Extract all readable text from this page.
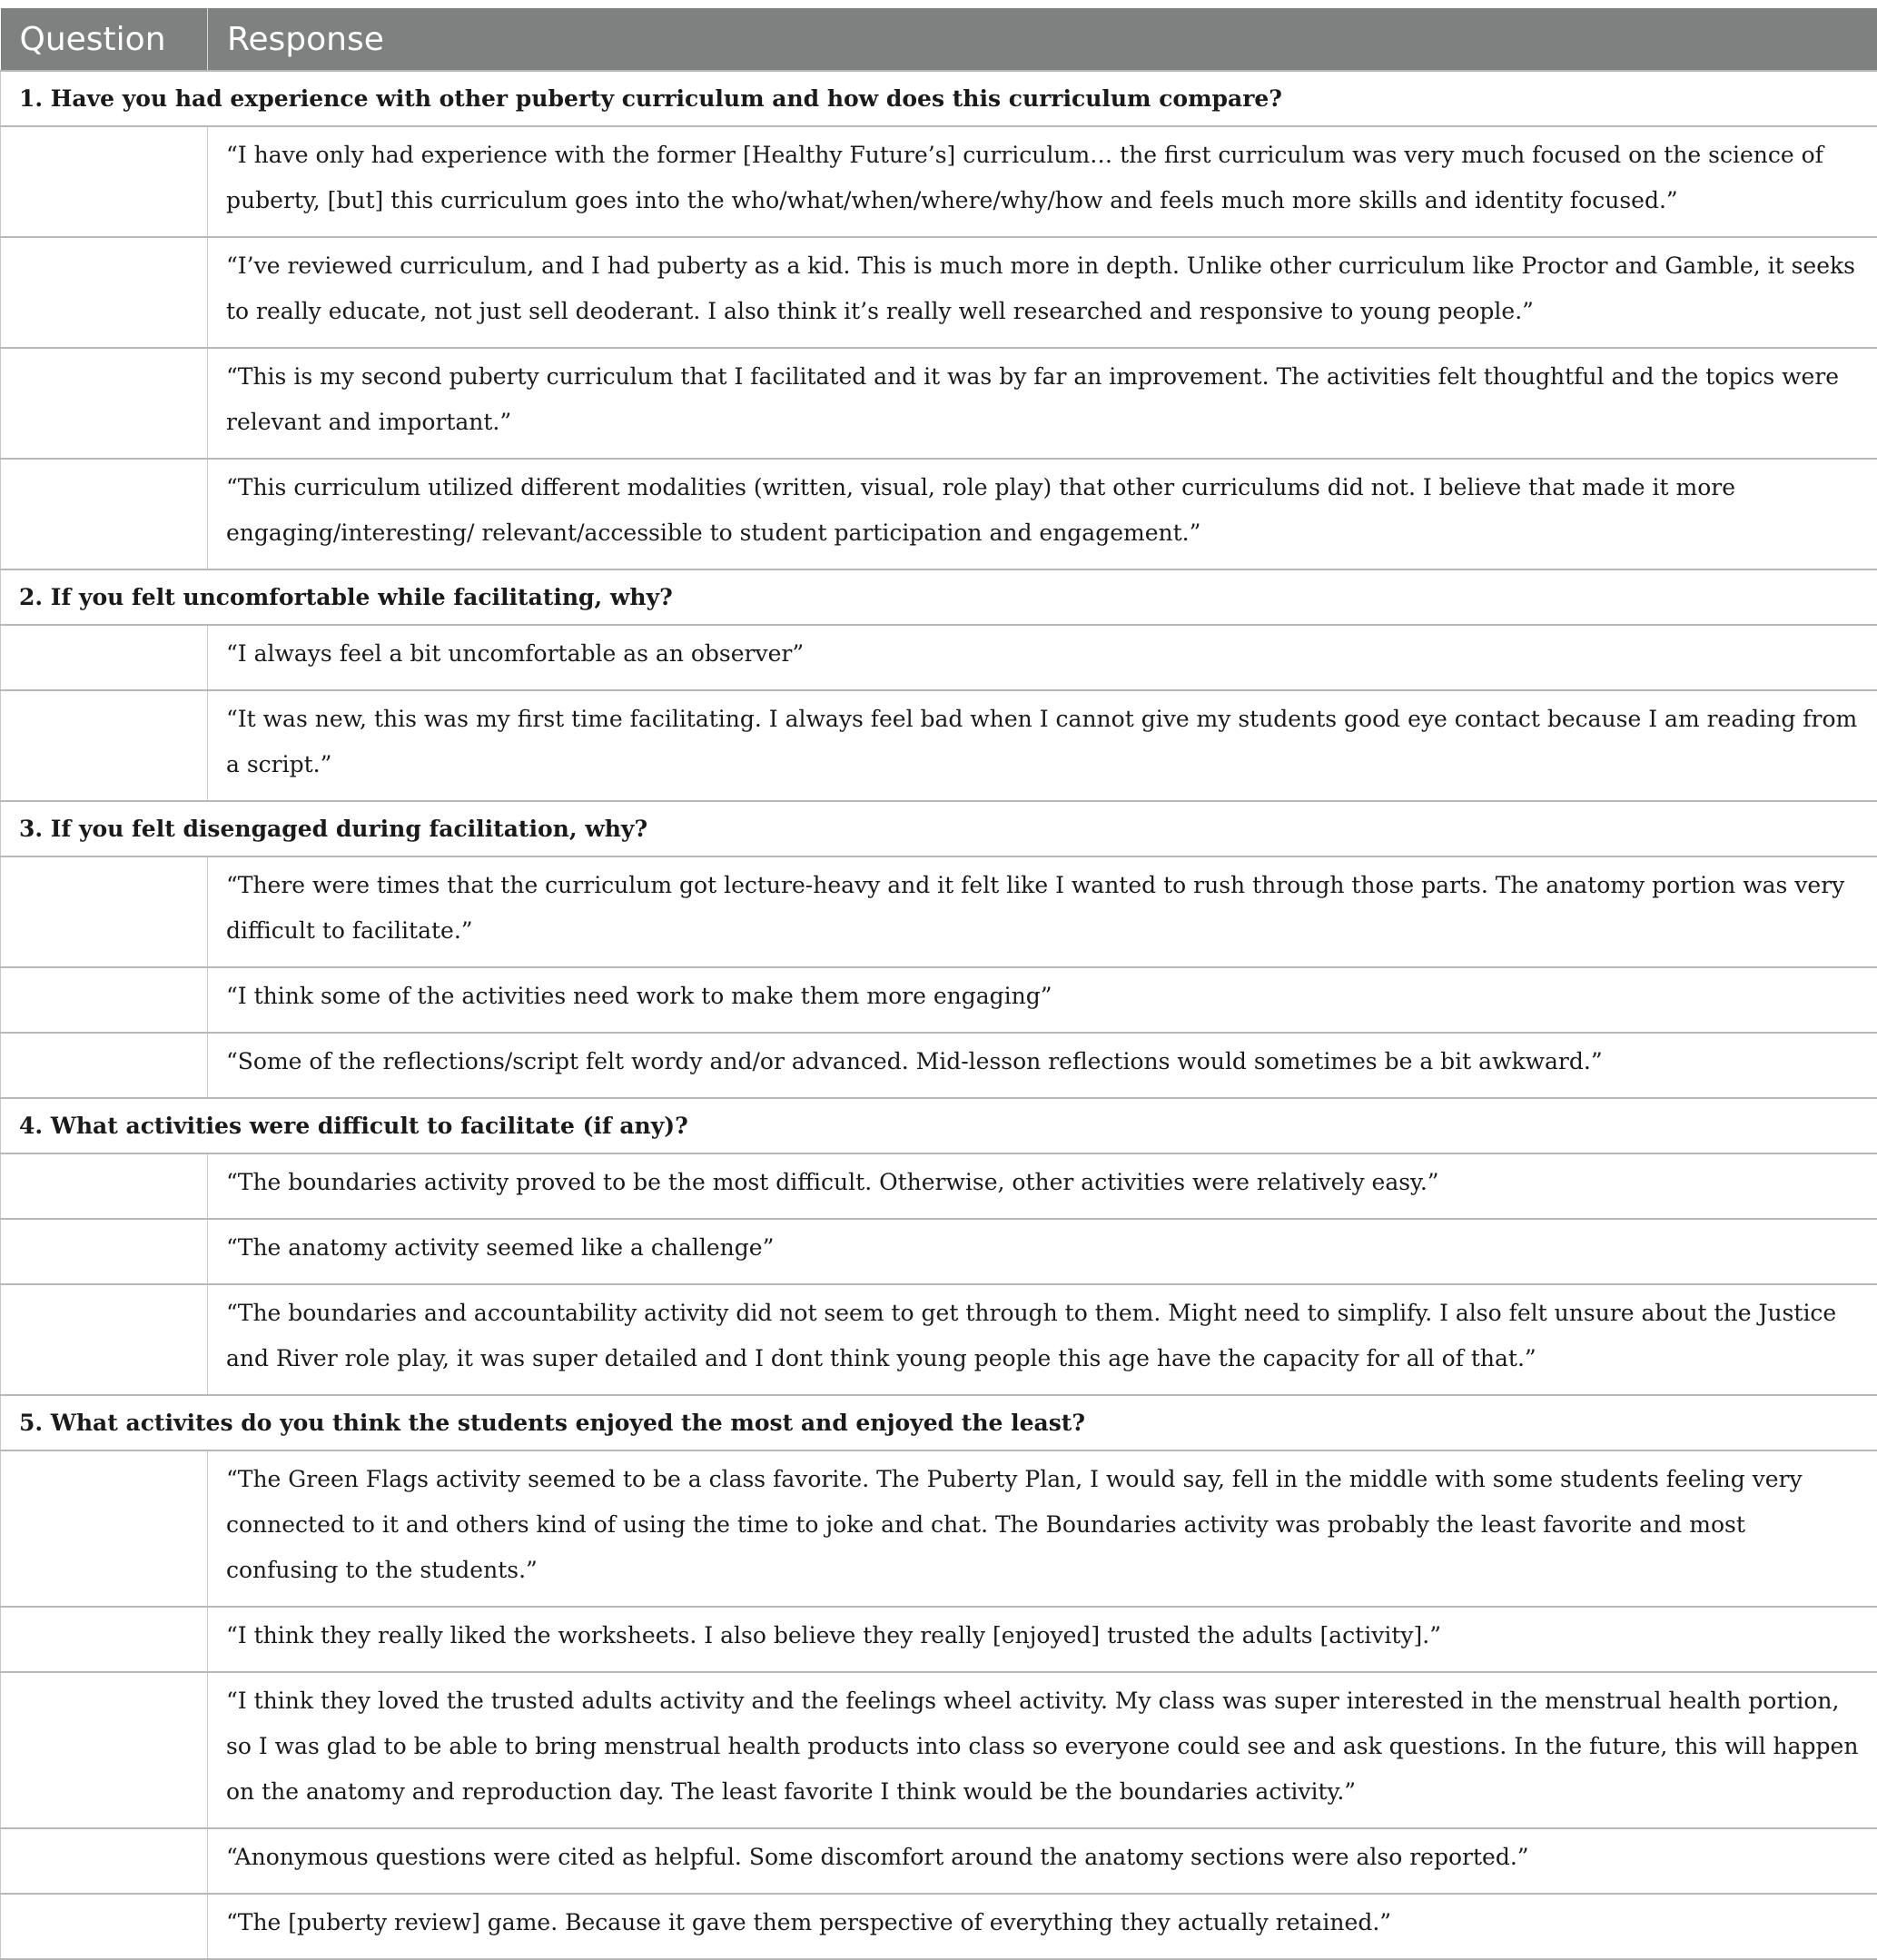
Question	Response
1. Have you had experience with other puberty curriculum and how does this curriculum compare?	

	“I have only had experience with the former [Healthy Future’s] curriculum… the first curriculum was very much focused on the science of puberty, [but] this curriculum goes into the who/what/when/where/why/how and feels much more skills and identity focused.”

	“I’ve reviewed curriculum, and I had puberty as a kid. This is much more in depth. Unlike other curriculum like Proctor and Gamble, it seeks to really educate, not just sell deoderant. I also think it’s really well researched and responsive to young people.”

	“This is my second puberty curriculum that I facilitated and it was by far an improvement. The activities felt thoughtful and the topics were relevant and important.”

	“This curriculum utilized different modalities (written, visual, role play) that other curriculums did not. I believe that made it more engaging/interesting/ relevant/accessible to student participation and engagement.”

2. If you felt uncomfortable while facilitating, why?	

	“I always feel a bit uncomfortable as an observer”

	“It was new, this was my first time facilitating. I always feel bad when I cannot give my students good eye contact because I am reading from a script.”

3. If you felt disengaged during facilitation, why?	

	“There were times that the curriculum got lecture-heavy and it felt like I wanted to rush through those parts. The anatomy portion was very difficult to facilitate.”

	“I think some of the activities need work to make them more engaging”

	“Some of the reflections/script felt wordy and/or advanced. Mid-lesson reflections would sometimes be a bit awkward.”

4. What activities were difficult to facilitate (if any)?	

	“The boundaries activity proved to be the most difficult. Otherwise, other activities were relatively easy.”

	“The anatomy activity seemed like a challenge”

	“The boundaries and accountability activity did not seem to get through to them. Might need to simplify. I also felt unsure about the Justice and River role play, it was super detailed and I dont think young people this age have the capacity for all of that.”

5. What activites do you think the students enjoyed the most and enjoyed the least?	

	“The Green Flags activity seemed to be a class favorite. The Puberty Plan, I would say, fell in the middle with some students feeling very connected to it and others kind of using the time to joke and chat. The Boundaries activity was probably the least favorite and most confusing to the students.”

	“I think they really liked the worksheets. I also believe they really [enjoyed] trusted the adults [activity].”

	“I think they loved the trusted adults activity and the feelings wheel activity. My class was super interested in the menstrual health portion, so I was glad to be able to bring menstrual health products into class so everyone could see and ask questions. In the future, this will happen on the anatomy and reproduction day. The least favorite I think would be the boundaries activity.”

	“Anonymous questions were cited as helpful. Some discomfort around the anatomy sections were also reported.”

	“The [puberty review] game. Because it gave them perspective of everything they actually retained.”
